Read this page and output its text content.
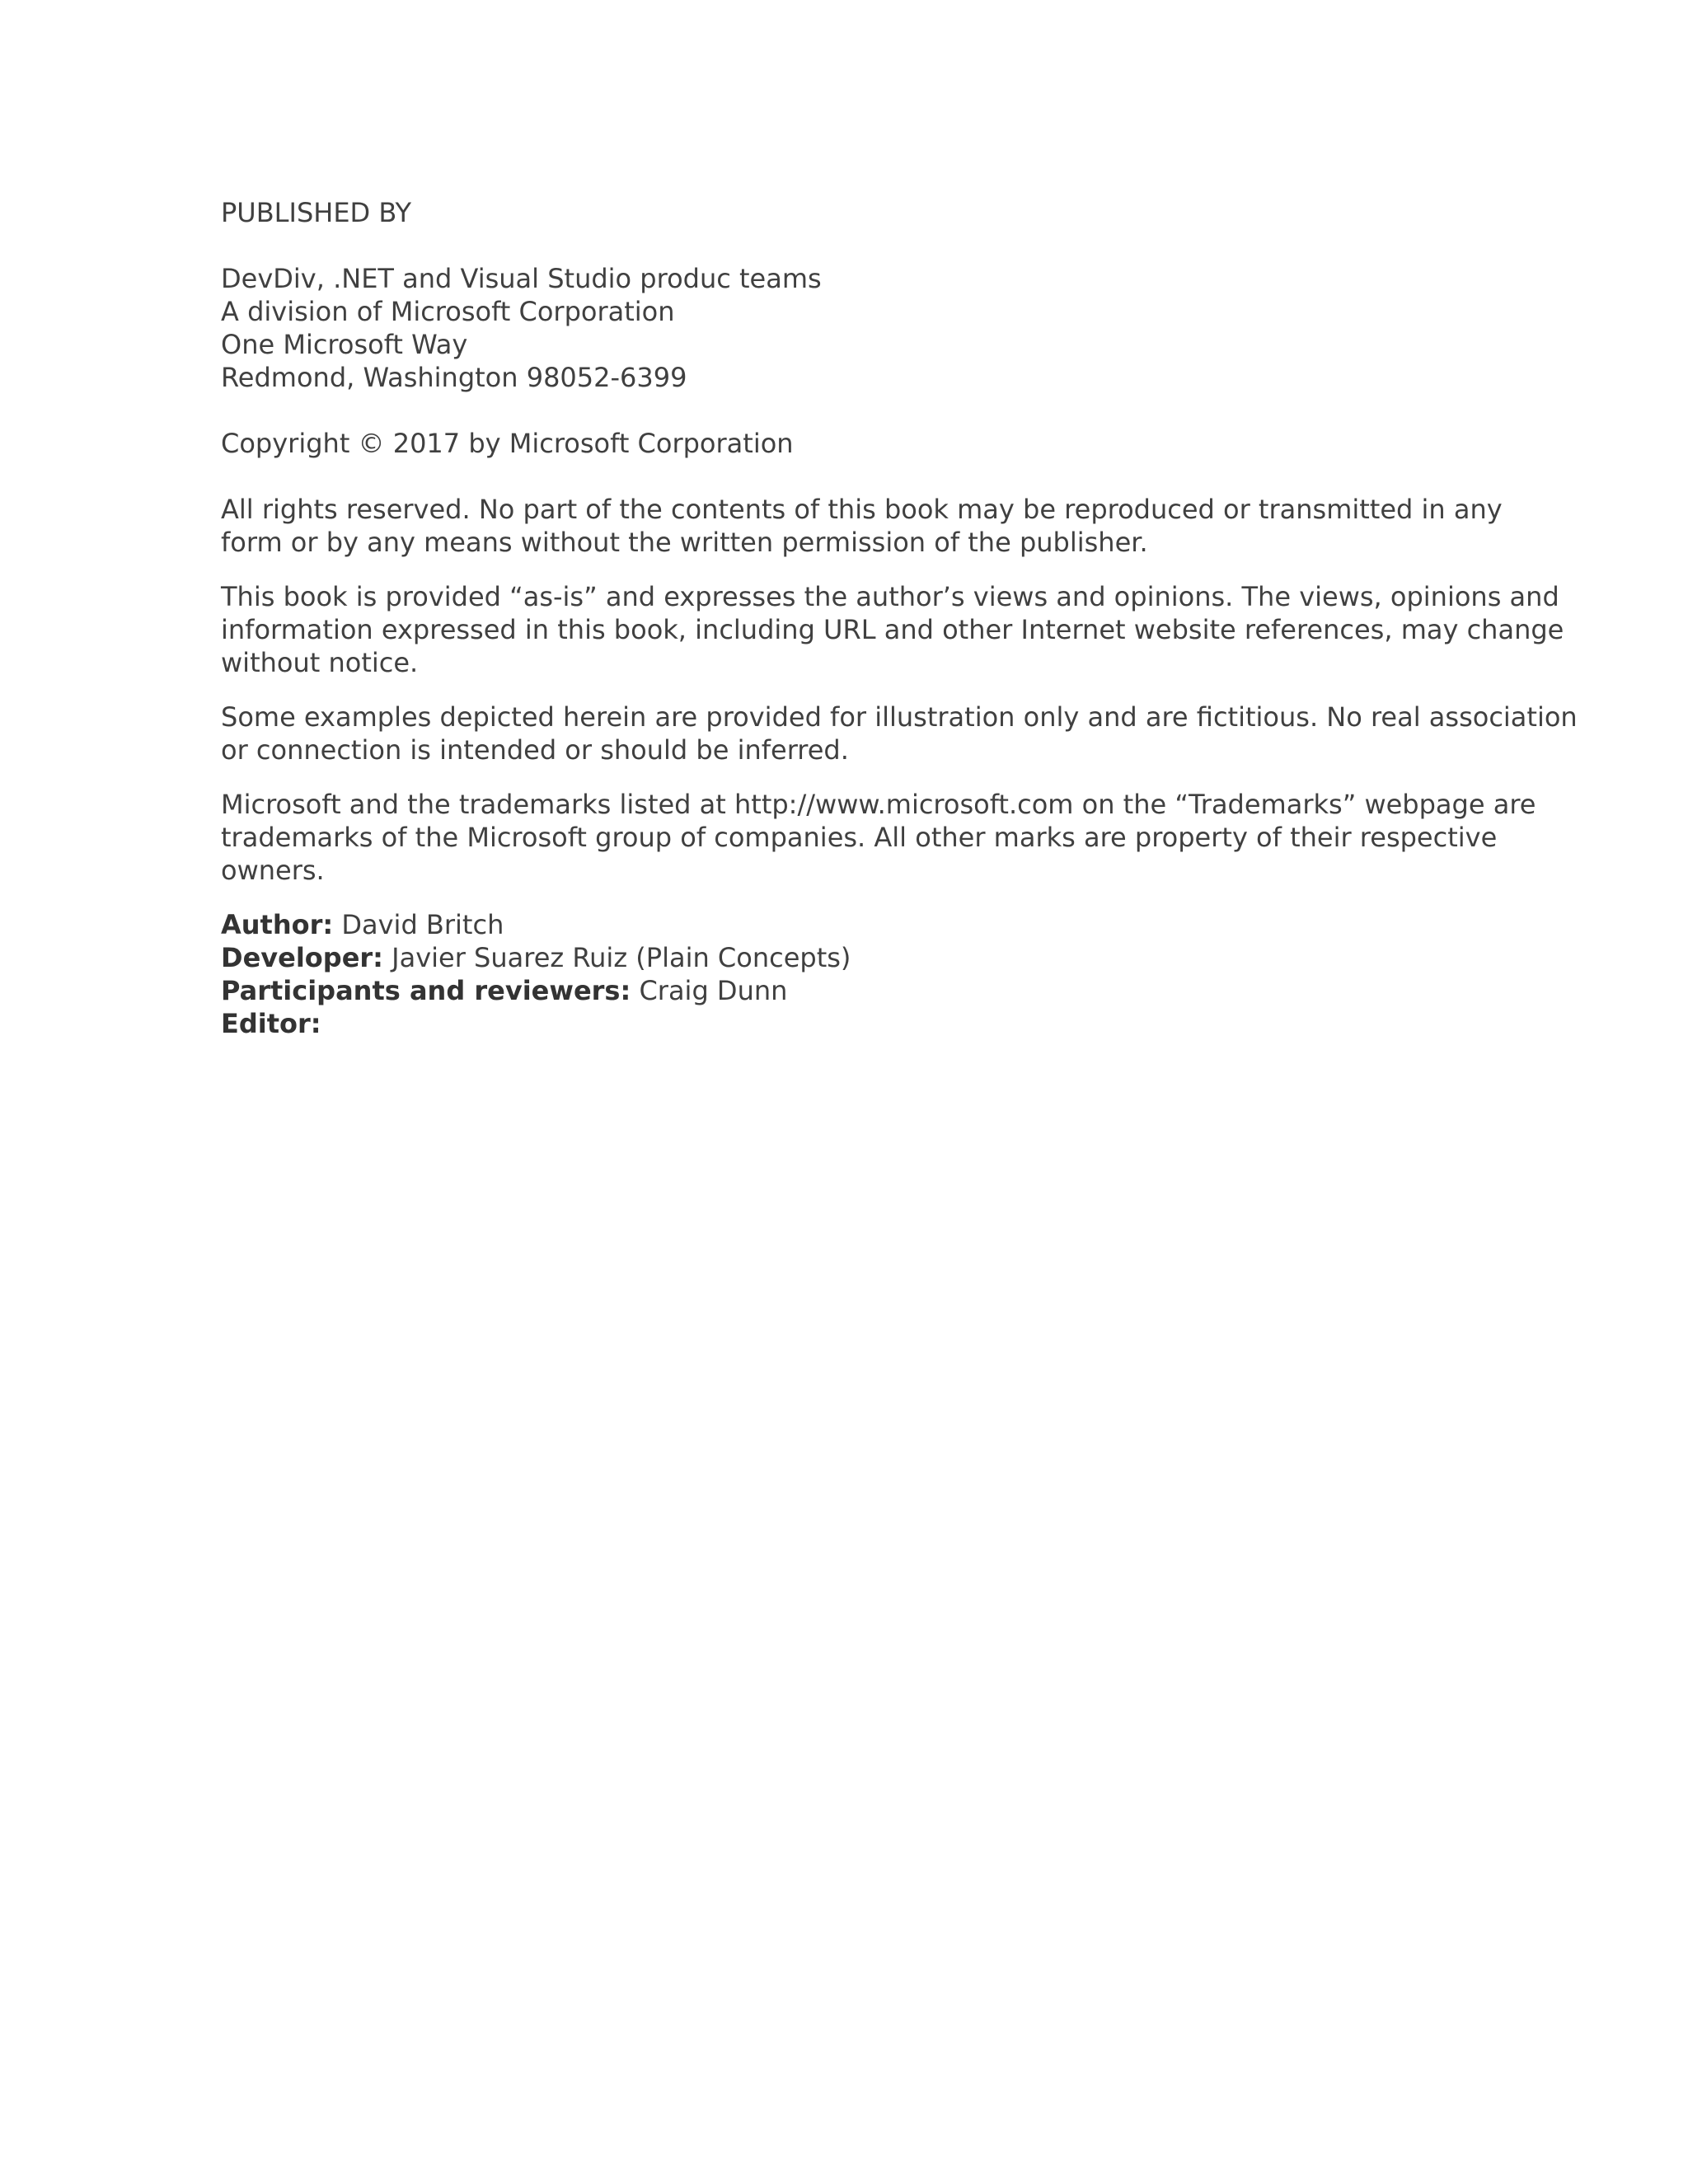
PUBLISHED BY
DevDiv, .NET and Visual Studio produc teams
A division of Microsoft Corporation
One Microsoft Way
Redmond, Washington 98052-6399
Copyright © 2017 by Microsoft Corporation
All rights reserved. No part of the contents of this book may be reproduced or transmitted in any
form or by any means without the written permission of the publisher.
This book is provided “as-is” and expresses the author’s views and opinions. The views, opinions and
information expressed in this book, including URL and other Internet website references, may change
without notice.
Some examples depicted herein are provided for illustration only and are fictitious. No real association
or connection is intended or should be inferred.
Microsoft and the trademarks listed at http://www.microsoft.com on the “Trademarks” webpage are
trademarks of the Microsoft group of companies. All other marks are property of their respective
owners.
Author: David Britch
Developer: Javier Suarez Ruiz (Plain Concepts)
Participants and reviewers: Craig Dunn
Editor:
